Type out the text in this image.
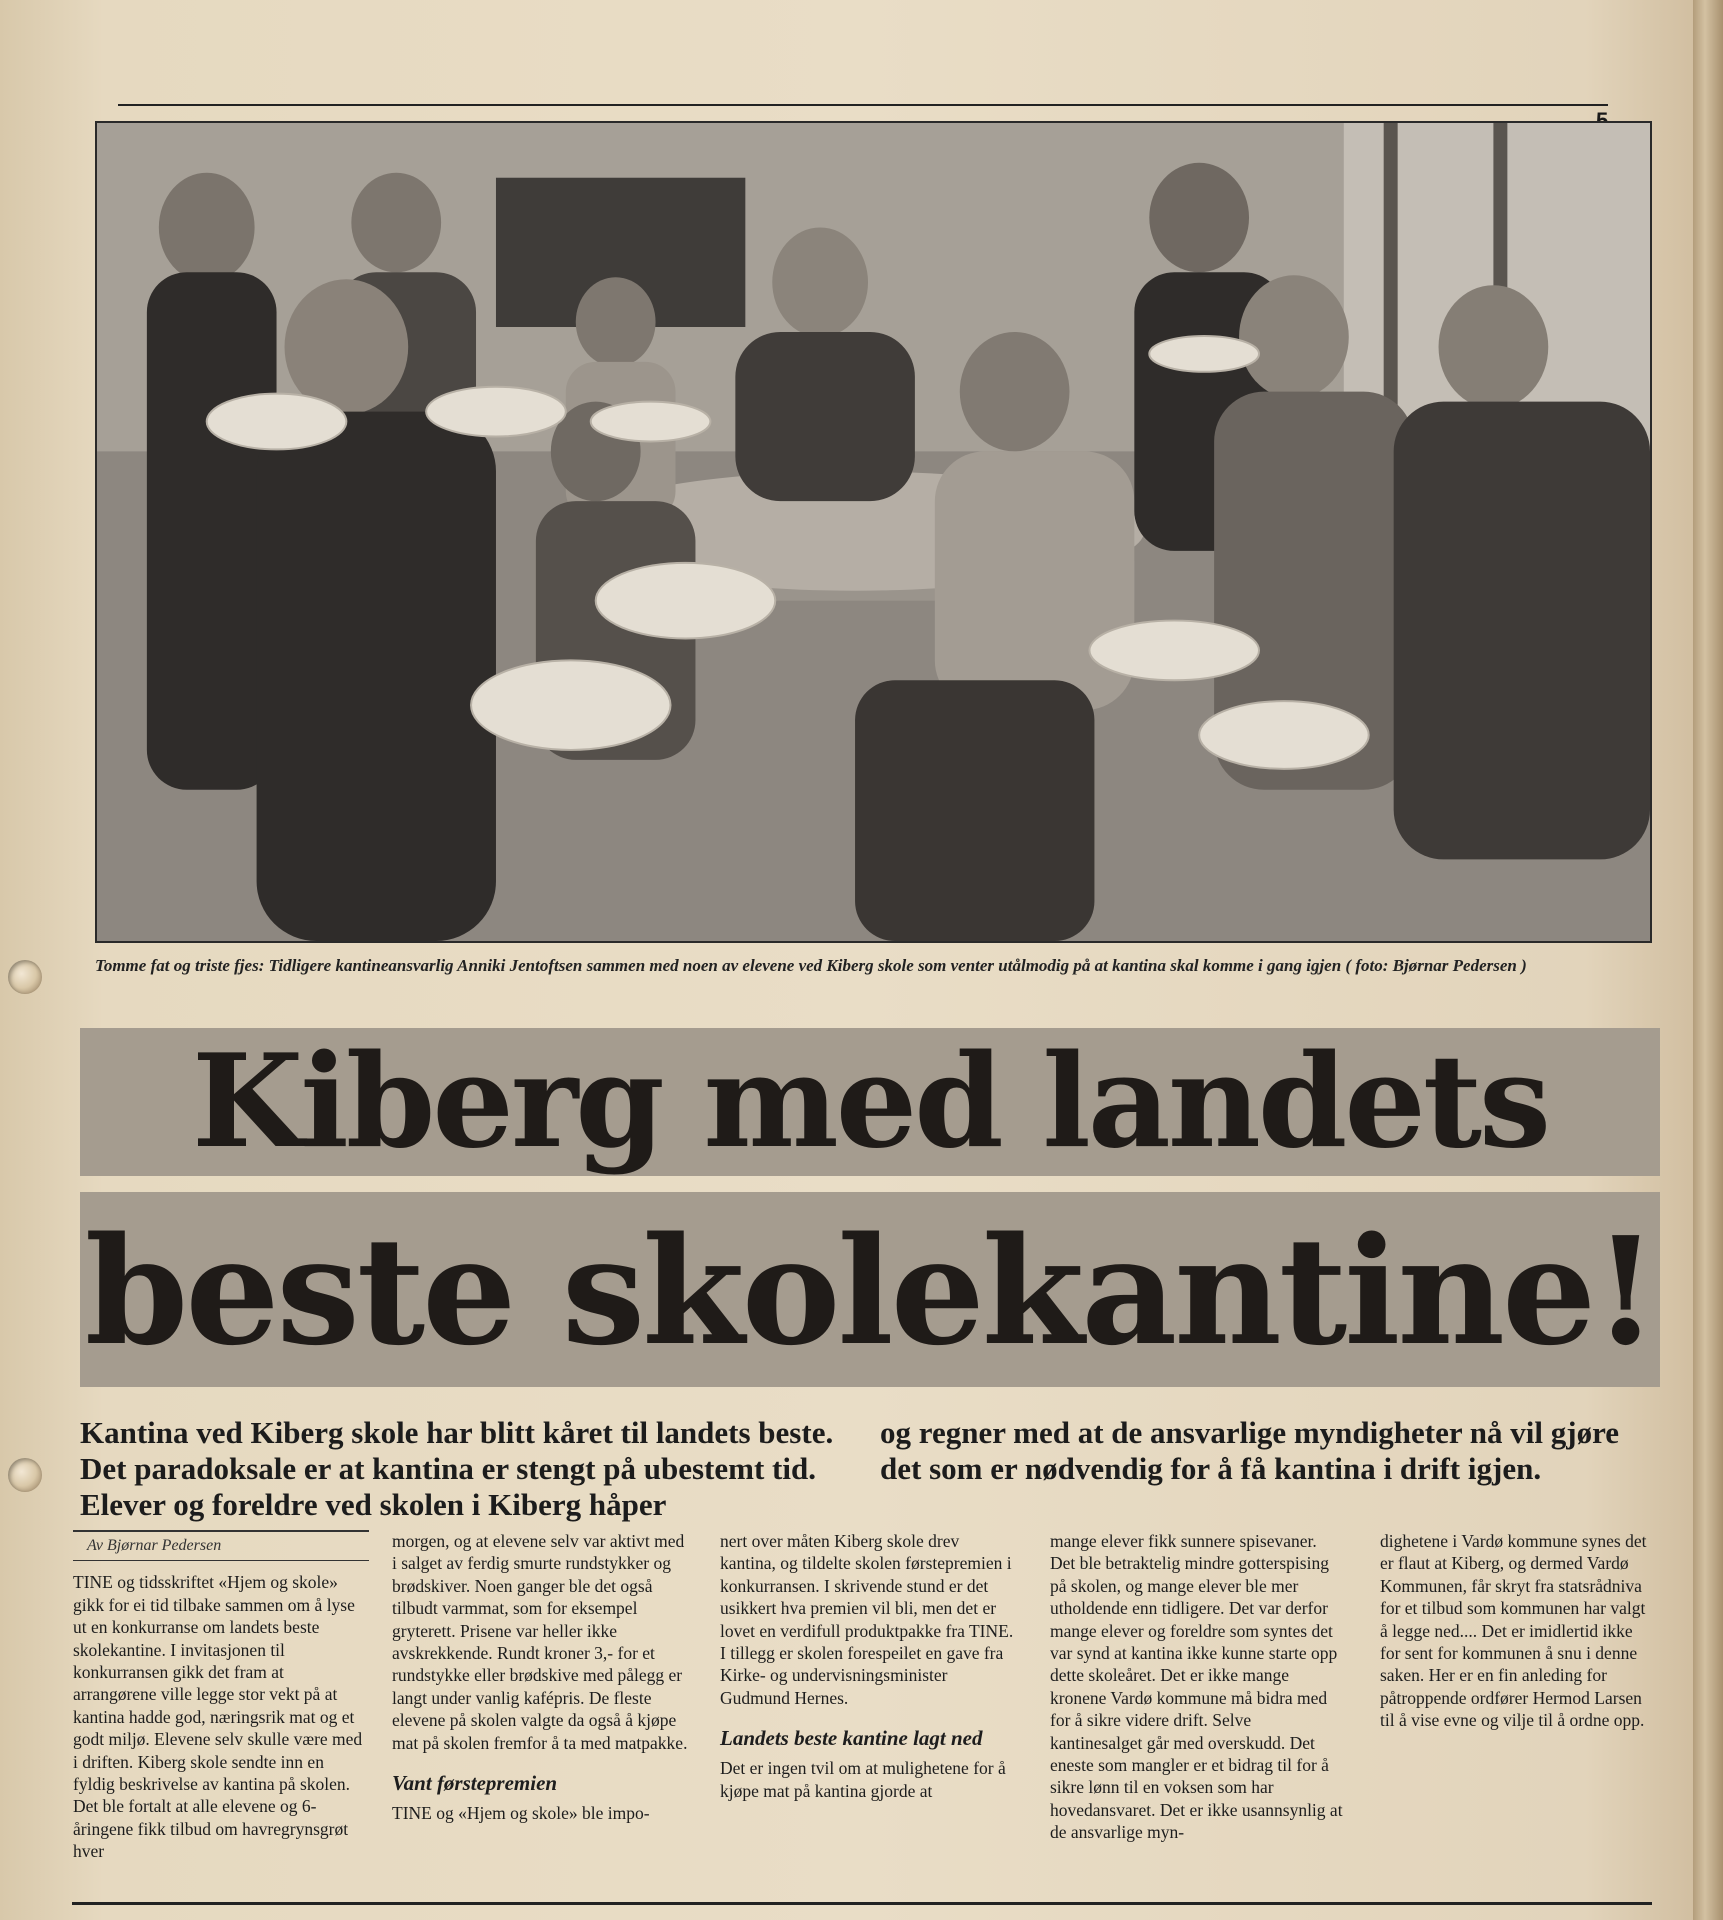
Tomme fat og triste fjes: Tidligere kantineansvarlig Anniki Jentoftsen sammen med noen av elevene ved Kiberg skole som venter utålmodig på at kantina skal komme i gang igjen ( foto: Bjørnar Pedersen )
Kiberg med landets
beste skolekantine!
Kantina ved Kiberg skole har blitt kåret til landets beste. Det paradoksale er at kantina er stengt på ubestemt tid. Elever og foreldre ved skolen i Kiberg håper
og regner med at de ansvarlige myndigheter nå vil gjøre det som er nødvendig for å få kantina i drift igjen.
Av Bjørnar Pedersen
TINE og tidsskriftet «Hjem og skole» gikk for ei tid tilbake sammen om å lyse ut en konkurranse om landets beste skolekantine. I invitasjonen til konkurransen gikk det fram at arrangørene ville legge stor vekt på at kantina hadde god, næringsrik mat og et godt miljø. Elevene selv skulle være med i driften. Kiberg skole sendte inn en fyldig beskrivelse av kantina på skolen. Det ble fortalt at alle elevene og 6-åringene fikk tilbud om havregrynsgrøt hver
morgen, og at elevene selv var aktivt med i salget av ferdig smurte rundstykker og brødskiver. Noen ganger ble det også tilbudt varmmat, som for eksempel gryterett. Prisene var heller ikke avskrekkende. Rundt kroner 3,- for et rundstykke eller brødskive med pålegg er langt under vanlig kafépris. De fleste elevene på skolen valgte da også å kjøpe mat på skolen fremfor å ta med matpakke.
Vant førstepremien
TINE og «Hjem og skole» ble impo-
nert over måten Kiberg skole drev kantina, og tildelte skolen førstepremien i konkurransen. I skrivende stund er det usikkert hva premien vil bli, men det er lovet en verdifull produktpakke fra TINE. I tillegg er skolen forespeilet en gave fra Kirke- og undervisningsminister Gudmund Hernes.
Landets beste kantine lagt ned
Det er ingen tvil om at mulighetene for å kjøpe mat på kantina gjorde at
mange elever fikk sunnere spisevaner. Det ble betraktelig mindre gotterspising på skolen, og mange elever ble mer utholdende enn tidligere. Det var derfor mange elever og foreldre som syntes det var synd at kantina ikke kunne starte opp dette skoleåret. Det er ikke mange kronene Vardø kommune må bidra med for å sikre videre drift. Selve kantinesalget går med overskudd. Det eneste som mangler er et bidrag til for å sikre lønn til en voksen som har hovedansvaret. Det er ikke usannsynlig at de ansvarlige myn-
dighetene i Vardø kommune synes det er flaut at Kiberg, og dermed Vardø Kommunen, får skryt fra statsrådniva for et tilbud som kommunen har valgt å legge ned.... Det er imidlertid ikke for sent for kommunen å snu i denne saken. Her er en fin anleding for påtroppende ordfører Hermod Larsen til å vise evne og vilje til å ordne opp.
